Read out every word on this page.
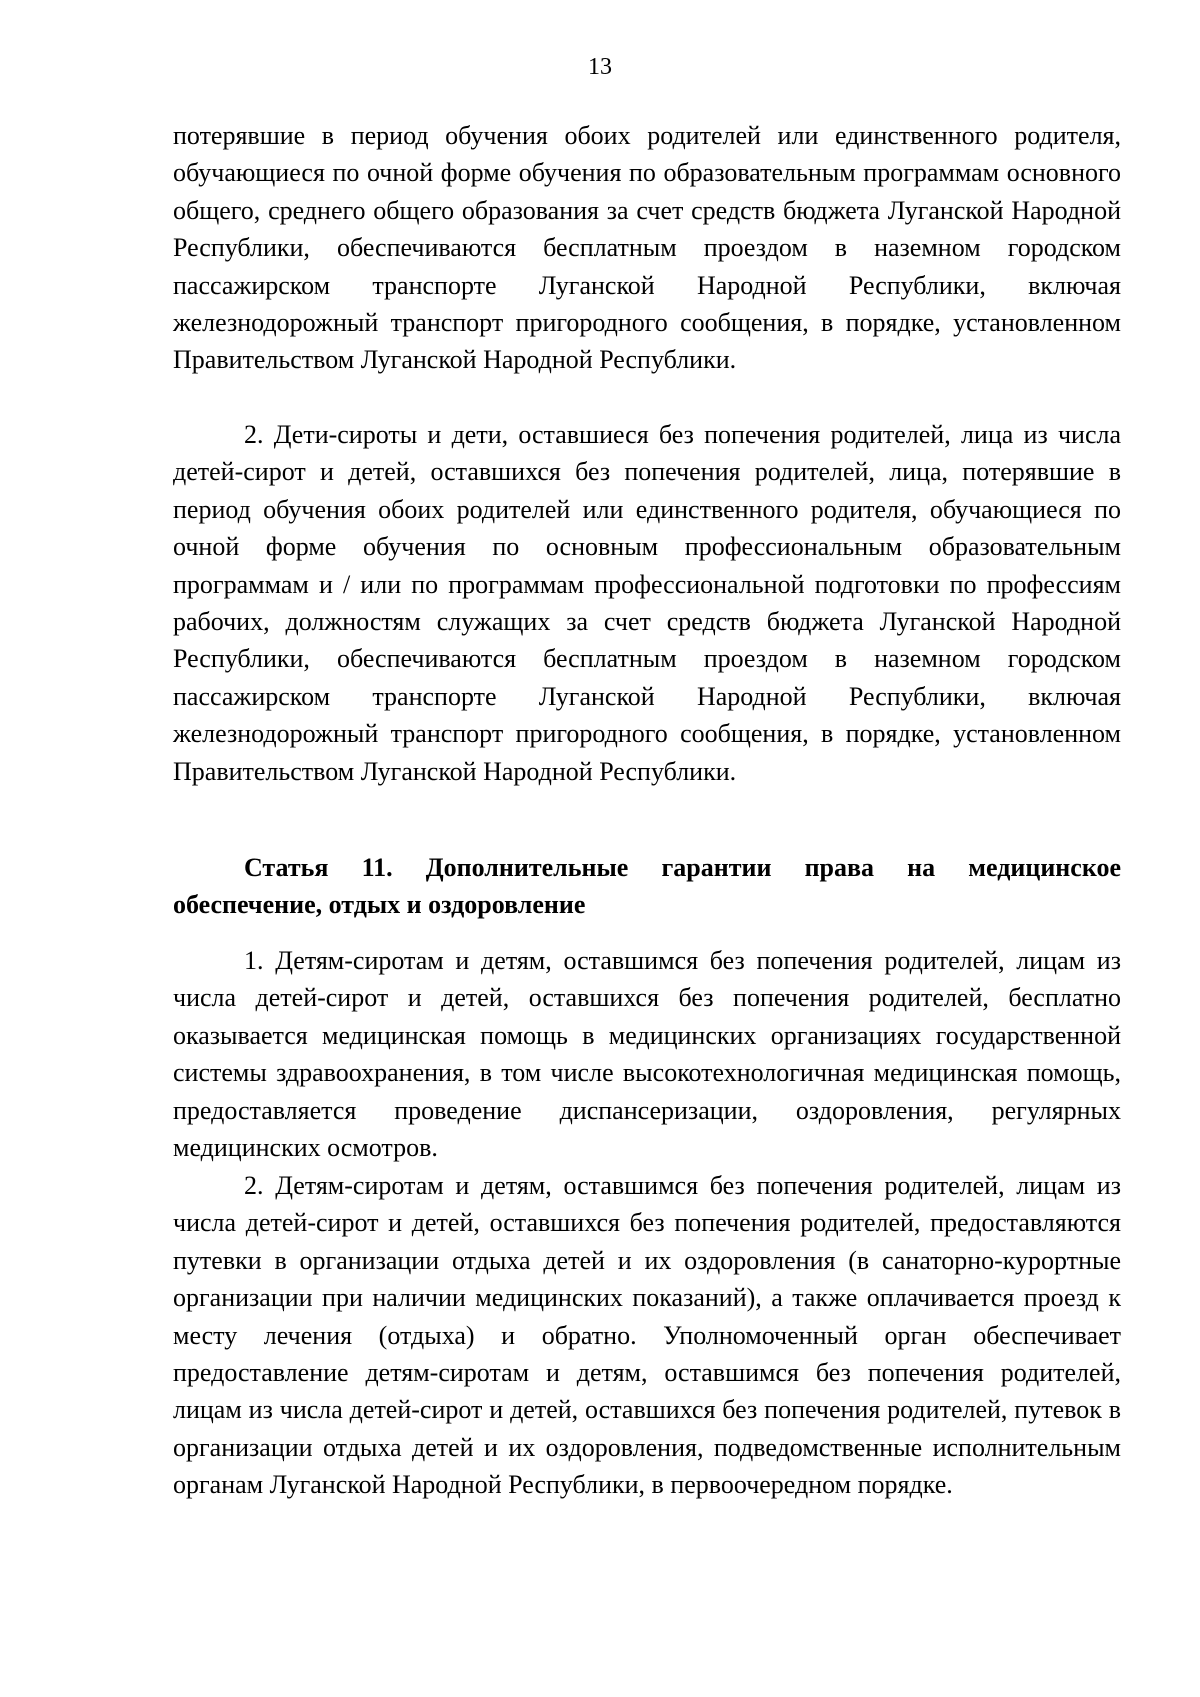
13

потерявшие в период обучения обоих родителей или единственного родителя, обучающиеся по очной форме обучения по образовательным программам основного общего, среднего общего образования за счет средств бюджета Луганской Народной Республики, обеспечиваются бесплатным проездом в наземном городском пассажирском транспорте Луганской Народной Республики, включая железнодорожный транспорт пригородного сообщения, в порядке, установленном Правительством Луганской Народной Республики.

2. Дети-сироты и дети, оставшиеся без попечения родителей, лица из числа детей-сирот и детей, оставшихся без попечения родителей, лица, потерявшие в период обучения обоих родителей или единственного родителя, обучающиеся по очной форме обучения по основным профессиональным образовательным программам и / или по программам профессиональной подготовки по профессиям рабочих, должностям служащих за счет средств бюджета Луганской Народной Республики, обеспечиваются бесплатным проездом в наземном городском пассажирском транспорте Луганской Народной Республики, включая железнодорожный транспорт пригородного сообщения, в порядке, установленном Правительством Луганской Народной Республики.

Статья 11. Дополнительные гарантии права на медицинское
обеспечение, отдых и оздоровление

1. Детям-сиротам и детям, оставшимся без попечения родителей, лицам из числа детей-сирот и детей, оставшихся без попечения родителей, бесплатно оказывается медицинская помощь в медицинских организациях государственной системы здравоохранения, в том числе высокотехнологичная медицинская помощь, предоставляется проведение диспансеризации, оздоровления, регулярных медицинских осмотров.

2. Детям-сиротам и детям, оставшимся без попечения родителей, лицам из числа детей-сирот и детей, оставшихся без попечения родителей, предоставляются путевки в организации отдыха детей и их оздоровления (в санаторно-курортные организации при наличии медицинских показаний), а также оплачивается проезд к месту лечения (отдыха) и обратно. Уполномоченный орган обеспечивает предоставление детям-сиротам и детям, оставшимся без попечения родителей, лицам из числа детей-сирот и детей, оставшихся без попечения родителей, путевок в организации отдыха детей и их оздоровления, подведомственные исполнительным органам Луганской Народной Республики, в первоочередном порядке.
